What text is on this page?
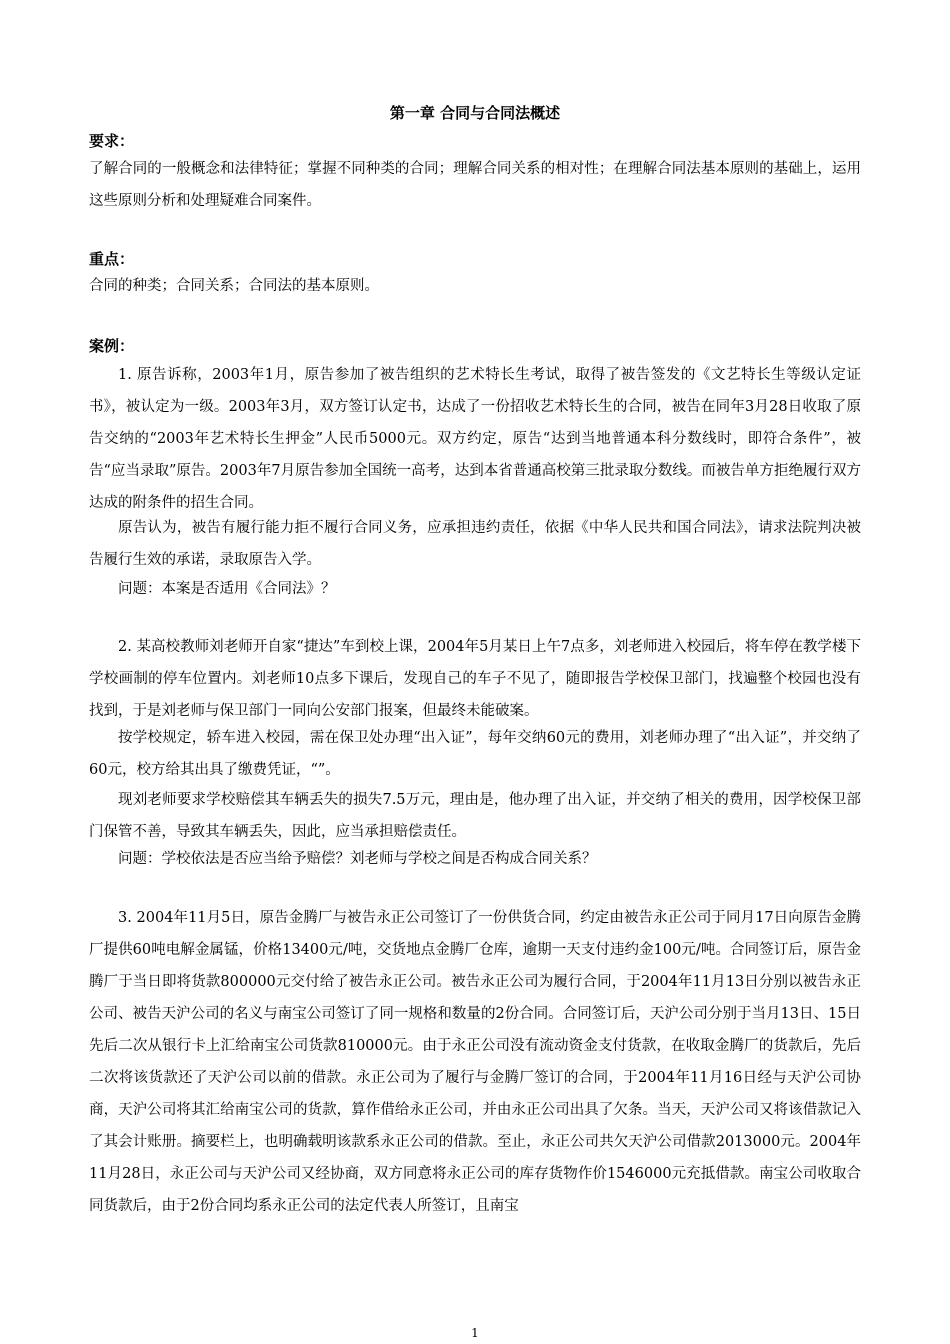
第一章 合同与合同法概述
要求：

了解合同的一般概念和法律特征；掌握不同种类的合同；理解合同关系的相对性；在理解合同法基本原则的基础上，运用这些原则分析和处理疑难合同案件。

重点：

合同的种类；合同关系；合同法的基本原则。

案例：

1. 原告诉称，2003年1月，原告参加了被告组织的艺术特长生考试，取得了被告签发的《文艺特长生等级认定证书》，被认定为一级。2003年3月，双方签订认定书，达成了一份招收艺术特长生的合同，被告在同年3月28日收取了原告交纳的“2003年艺术特长生押金”人民币5000元。双方约定，原告“达到当地普通本科分数线时，即符合条件”，被告“应当录取”原告。2003年7月原告参加全国统一高考，达到本省普通高校第三批录取分数线。而被告单方拒绝履行双方达成的附条件的招生合同。

原告认为，被告有履行能力拒不履行合同义务，应承担违约责任，依据《中华人民共和国合同法》，请求法院判决被告履行生效的承诺，录取原告入学。

问题：本案是否适用《合同法》？

2. 某高校教师刘老师开自家“捷达”车到校上课，2004年5月某日上午7点多，刘老师进入校园后，将车停在教学楼下学校画制的停车位置内。刘老师10点多下课后，发现自己的车子不见了，随即报告学校保卫部门，找遍整个校园也没有找到，于是刘老师与保卫部门一同向公安部门报案，但最终未能破案。

按学校规定，轿车进入校园，需在保卫处办理“出入证”，每年交纳60元的费用，刘老师办理了“出入证”，并交纳了60元，校方给其出具了缴费凭证，“”。

现刘老师要求学校赔偿其车辆丢失的损失7.5万元，理由是，他办理了出入证，并交纳了相关的费用，因学校保卫部门保管不善，导致其车辆丢失，因此，应当承担赔偿责任。

问题：学校依法是否应当给予赔偿？刘老师与学校之间是否构成合同关系？

3. 2004年11月5日，原告金腾厂与被告永正公司签订了一份供货合同，约定由被告永正公司于同月17日向原告金腾厂提供60吨电解金属锰，价格13400元/吨，交货地点金腾厂仓库，逾期一天支付违约金100元/吨。合同签订后，原告金腾厂于当日即将货款800000元交付给了被告永正公司。被告永正公司为履行合同，于2004年11月13日分别以被告永正公司、被告天沪公司的名义与南宝公司签订了同一规格和数量的2份合同。合同签订后，天沪公司分别于当月13日、15日先后二次从银行卡上汇给南宝公司货款810000元。由于永正公司没有流动资金支付货款，在收取金腾厂的货款后，先后二次将该货款还了天沪公司以前的借款。永正公司为了履行与金腾厂签订的合同，于2004年11月16日经与天沪公司协商，天沪公司将其汇给南宝公司的货款，算作借给永正公司，并由永正公司出具了欠条。当天，天沪公司又将该借款记入了其会计账册。摘要栏上，也明确载明该款系永正公司的借款。至止，永正公司共欠天沪公司借款2013000元。2004年11月28日，永正公司与天沪公司又经协商，双方同意将永正公司的库存货物作价1546000元充抵借款。南宝公司收取合同货款后，由于2份合同均系永正公司的法定代表人所签订，且南宝

1
